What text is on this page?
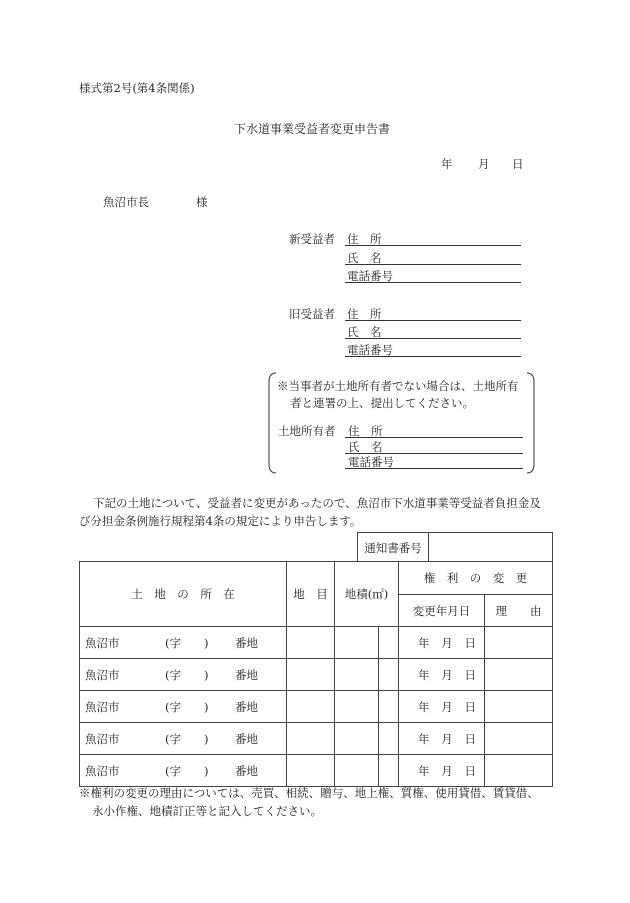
様式第2号(第4条関係)
下水道事業受益者変更申告書
年 月 日
魚沼市長	様
新受益者 住　所
氏　名
電話番号
旧受益者 住　所
氏　名
電話番号
※当事者が土地所有者でない場合は、土地所有
者と連署の上、提出してください。
土地所有者 住　所
氏　名
電話番号
下記の土地について、受益者に変更があったので、魚沼市下水道事業等受益者負担金及
び分担金条例施行規程第4条の規定により申告します。
通知書番号
土　地　の　所　在	地　目	地積(㎡)		権　利　の　変　更	
				変更年月日	理　　由

魚沼市 (字　　) 番地				年 月 日	

魚沼市 (字　　) 番地				年 月 日	

魚沼市 (字　　) 番地				年 月 日	

魚沼市 (字　　) 番地				年 月 日	

魚沼市 (字　　) 番地				年 月 日	

※権利の変更の理由については、売買、相続、贈与、地上権、質権、使用貸借、賃貸借、
永小作権、地積訂正等と記入してください。
